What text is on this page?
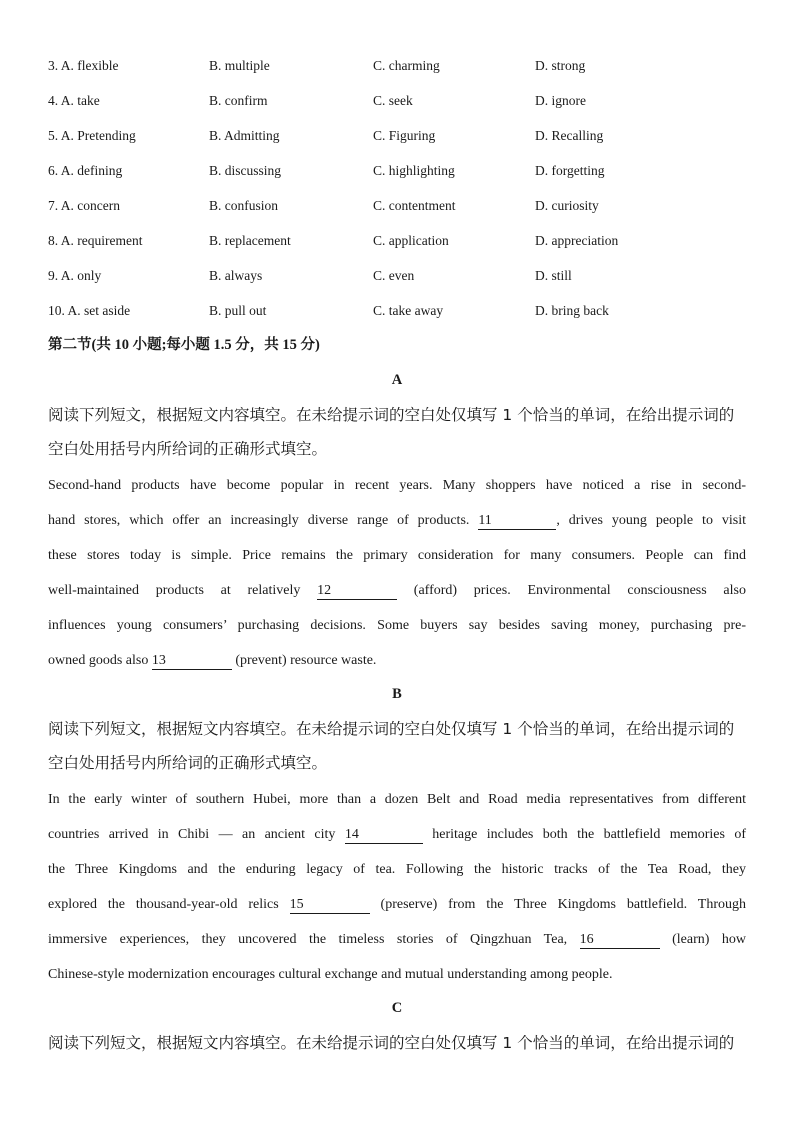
3. A. flexible	B. multiple	C. charming	D. strong
4. A. take	B. confirm	C. seek	D. ignore
5. A. Pretending	B. Admitting	C. Figuring	D. Recalling
6. A. defining	B. discussing	C. highlighting	D. forgetting
7. A. concern	B. confusion	C. contentment	D. curiosity
8. A. requirement	B. replacement	C. application	D. appreciation
9. A. only	B. always	C. even	D. still
10. A. set aside	B. pull out	C. take away	D. bring back
第二节(共 10 小题;每小题 1.5 分，共 15 分)
A
阅读下列短文，根据短文内容填空。在未给提示词的空白处仅填写 1 个恰当的单词，在给出提示词的
空白处用括号内所给词的正确形式填空。
Second-hand products have become popular in recent years. Many shoppers have noticed a rise in second-
hand stores, which offer an increasingly diverse range of products. 11	, drives young people to visit
these stores today is simple. Price remains the primary consideration for many consumers. People can find
well-maintained products at relatively 12	(afford) prices. Environmental consciousness also
influences young consumers’ purchasing decisions. Some buyers say besides saving money, purchasing pre-
owned goods also 13	(prevent) resource waste.
B
阅读下列短文，根据短文内容填空。在未给提示词的空白处仅填写 1 个恰当的单词，在给出提示词的
空白处用括号内所给词的正确形式填空。
In the early winter of southern Hubei, more than a dozen Belt and Road media representatives from different
countries arrived in Chibi — an ancient city 14	heritage includes both the battlefield memories of
the Three Kingdoms and the enduring legacy of tea. Following the historic tracks of the Tea Road, they
explored the thousand-year-old relics 15	(preserve) from the Three Kingdoms battlefield. Through
immersive experiences, they uncovered the timeless stories of Qingzhuan Tea, 16	(learn) how
Chinese-style modernization encourages cultural exchange and mutual understanding among people.
C
阅读下列短文，根据短文内容填空。在未给提示词的空白处仅填写 1 个恰当的单词，在给出提示词的
